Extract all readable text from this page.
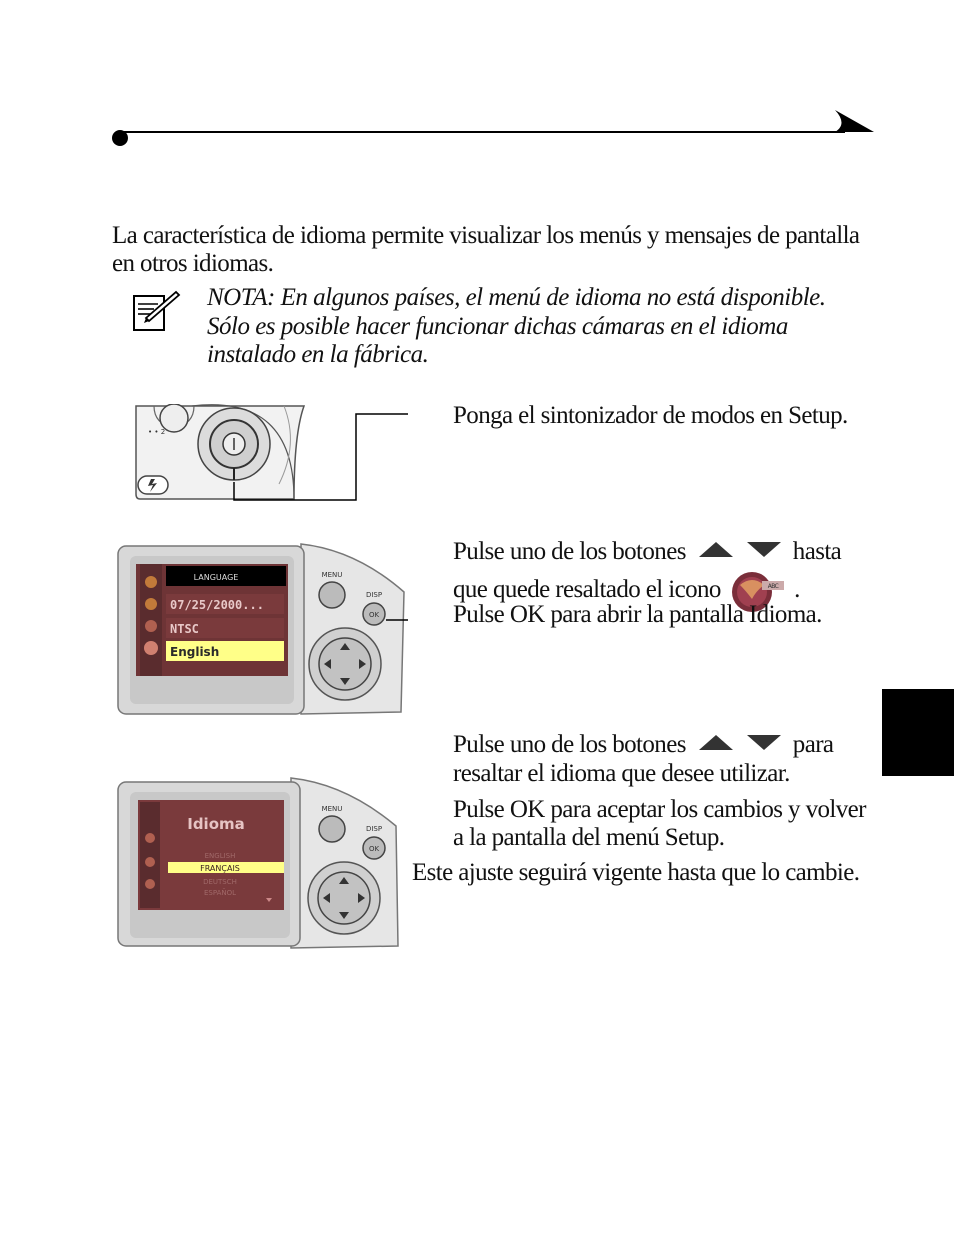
La característica de idioma permite visualizar los menús y mensajes de pantalla
en otros idiomas.
NOTA: En algunos países, el menú de idioma no está disponible.
Sólo es posible hacer funcionar dichas cámaras en el idioma
instalado en la fábrica.
• • 2
Ponga el sintonizador de modos en Setup.
LANGUAGE
07/25/2000...
NTSC
English
MENU
DISP
OK
Pulse uno de los botones	hasta
que quede resaltado el icono	ABC .
Pulse OK para abrir la pantalla Idioma.
Idioma
ENGLISH
FRANÇAIS
DEUTSCH
ESPAÑOL
MENU
DISP
OK
Pulse uno de los botones	para
resaltar el idioma que desee utilizar.
Pulse OK para aceptar los cambios y volver
a la pantalla del menú Setup.
Este ajuste seguirá vigente hasta que lo cambie.
